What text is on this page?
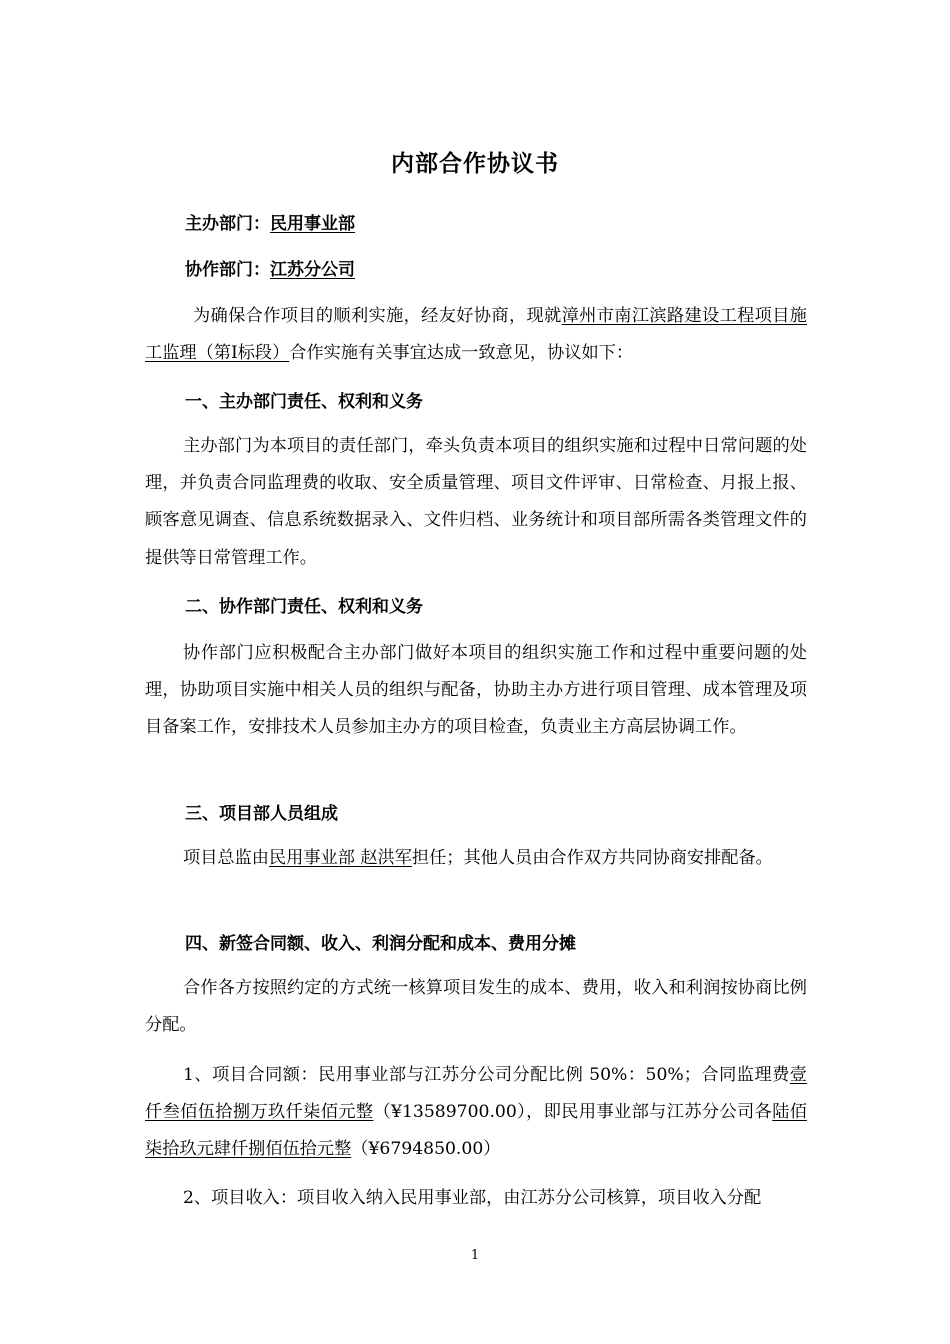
内部合作协议书
主办部门：民用事业部
协作部门：江苏分公司
为确保合作项目的顺利实施，经友好协商，现就漳州市南江滨路建设工程项目施工监理（第Ⅰ标段）合作实施有关事宜达成一致意见，协议如下：
一、主办部门责任、权利和义务
主办部门为本项目的责任部门，牵头负责本项目的组织实施和过程中日常问题的处理，并负责合同监理费的收取、安全质量管理、项目文件评审、日常检查、月报上报、顾客意见调查、信息系统数据录入、文件归档、业务统计和项目部所需各类管理文件的提供等日常管理工作。
二、协作部门责任、权利和义务
协作部门应积极配合主办部门做好本项目的组织实施工作和过程中重要问题的处理，协助项目实施中相关人员的组织与配备，协助主办方进行项目管理、成本管理及项目备案工作，安排技术人员参加主办方的项目检查，负责业主方高层协调工作。
三、项目部人员组成
项目总监由民用事业部 赵洪军担任；其他人员由合作双方共同协商安排配备。
四、新签合同额、收入、利润分配和成本、费用分摊
合作各方按照约定的方式统一核算项目发生的成本、费用，收入和利润按协商比例分配。
1、项目合同额：民用事业部与江苏分公司分配比例 50%：50%；合同监理费壹仟叁佰伍拾捌万玖仟柒佰元整（¥13589700.00），即民用事业部与江苏分公司各陆佰柒拾玖元肆仟捌佰伍拾元整（¥6794850.00）
2、项目收入：项目收入纳入民用事业部，由江苏分公司核算，项目收入分配
1
